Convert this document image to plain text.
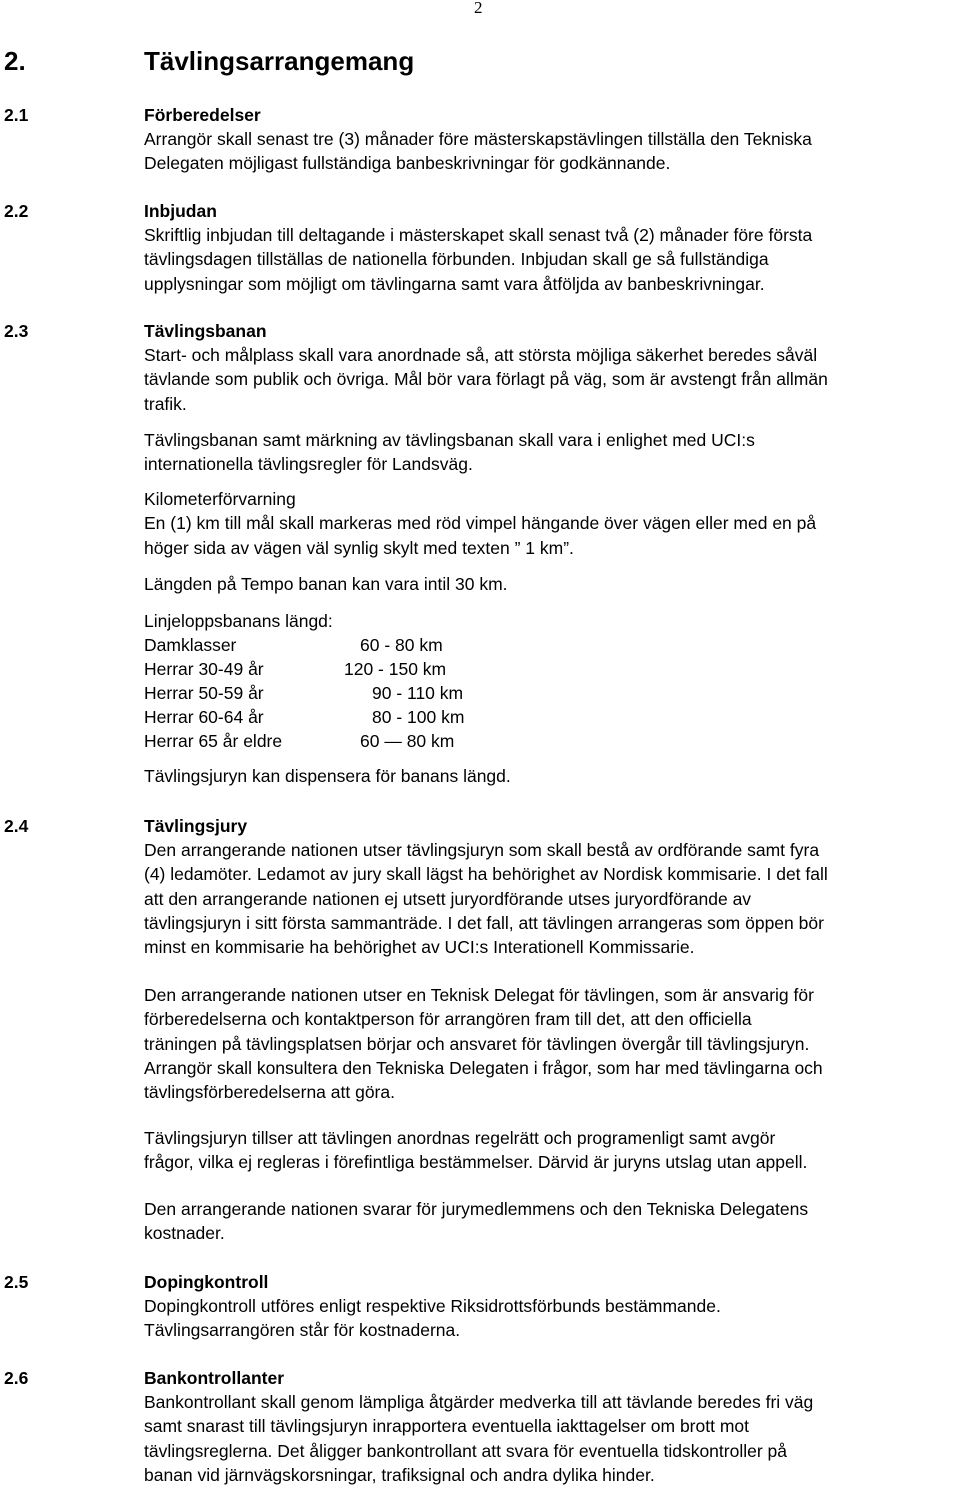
2
2.	Tävlingsarrangemang
2.1	Förberedelser

Arrangör skall senast tre (3) månader före mästerskapstävlingen tillställa den Tekniska
Delegaten möjligast fullständiga banbeskrivningar för godkännande.

2.2	Inbjudan

Skriftlig inbjudan till deltagande i mästerskapet skall senast två (2) månader före första
tävlingsdagen tillställas de nationella förbunden. Inbjudan skall ge så fullständiga
upplysningar som möjligt om tävlingarna samt vara åtföljda av banbeskrivningar.

2.3	Tävlingsbanan

Start- och målplass skall vara anordnade så, att största möjliga säkerhet beredes såväl
tävlande som publik och övriga. Mål bör vara förlagt på väg, som är avstengt från allmän
trafik.

Tävlingsbanan samt märkning av tävlingsbanan skall vara i enlighet med UCI:s
internationella tävlingsregler för Landsväg.

Kilometerförvarning
En (1) km till mål skall markeras med röd vimpel hängande över vägen eller med en på
höger sida av vägen väl synlig skylt med texten ” 1 km”.

Längden på Tempo banan kan vara intil 30 km.

Linjeloppsbanans längd:

Damklasser	60 - 80 km
Herrar 30-49 år	120 - 150 km
Herrar 50-59 år	90 - 110 km
Herrar 60-64 år	80 - 100 km
Herrar 65 år eldre	60 — 80 km
Tävlingsjuryn kan dispensera för banans längd.
2.4	Tävlingsjury

Den arrangerande nationen utser tävlingsjuryn som skall bestå av ordförande samt fyra
(4) ledamöter. Ledamot av jury skall lägst ha behörighet av Nordisk kommisarie. I det fall
att den arrangerande nationen ej utsett juryordförande utses juryordförande av
tävlingsjuryn i sitt första sammanträde. I det fall, att tävlingen arrangeras som öppen bör
minst en kommisarie ha behörighet av UCI:s Interationell Kommissarie.

Den arrangerande nationen utser en Teknisk Delegat för tävlingen, som är ansvarig för
förberedelserna och kontaktperson för arrangören fram till det, att den officiella
träningen på tävlingsplatsen börjar och ansvaret för tävlingen övergår till tävlingsjuryn.
Arrangör skall konsultera den Tekniska Delegaten i frågor, som har med tävlingarna och
tävlingsförberedelserna att göra.

Tävlingsjuryn tillser att tävlingen anordnas regelrätt och programenligt samt avgör
frågor, vilka ej regleras i förefintliga bestämmelser. Därvid är juryns utslag utan appell.

Den arrangerande nationen svarar för jurymedlemmens och den Tekniska Delegatens
kostnader.

2.5	Dopingkontroll

Dopingkontroll utföres enligt respektive Riksidrottsförbunds bestämmande.
Tävlingsarrangören står för kostnaderna.

2.6	Bankontrollanter

Bankontrollant skall genom lämpliga åtgärder medverka till att tävlande beredes fri väg
samt snarast till tävlingsjuryn inrapportera eventuella iakttagelser om brott mot
tävlingsreglerna. Det åligger bankontrollant att svara för eventuella tidskontroller på
banan vid järnvägskorsningar, trafiksignal och andra dylika hinder.
